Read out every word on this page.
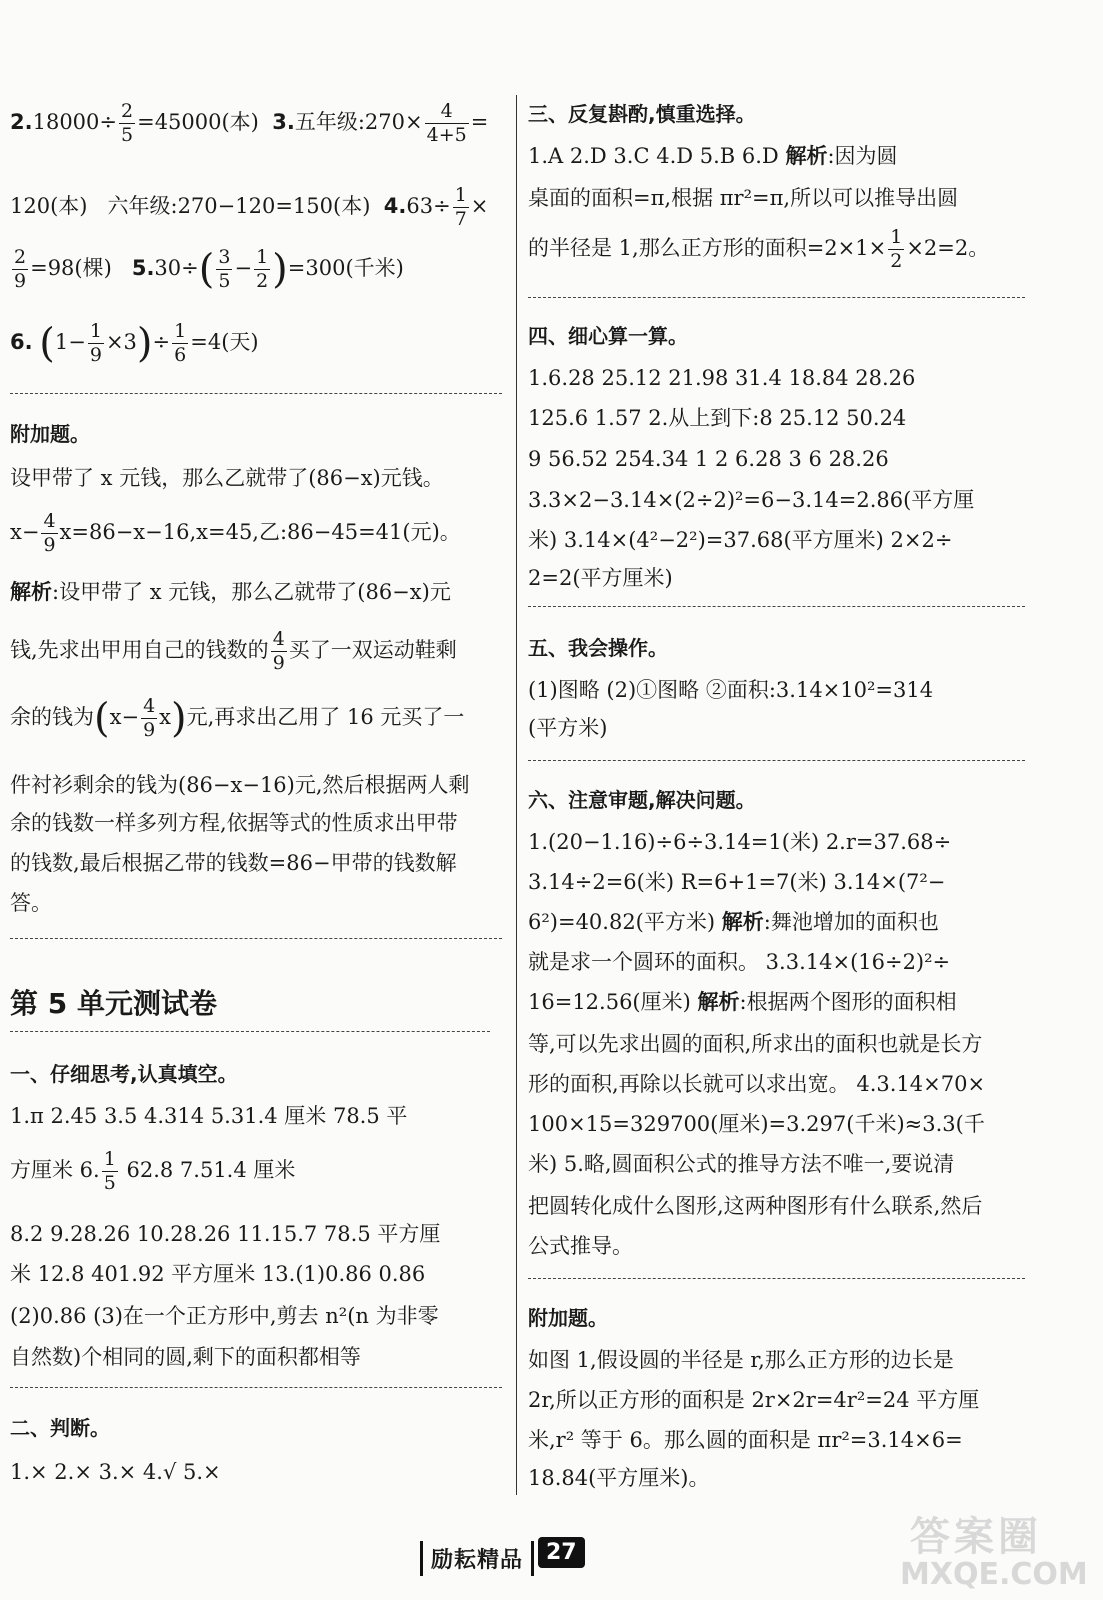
$2.18000\div \frac{2}{5} =45000$(本) 3.五年级:270× $\frac{4}{4+5}$ =
120(本) 六年级:270−120=150(本) $4.63\div \frac{1}{7}$ ×
$\frac{2}{9} =98$(棵) $5.30\div( \frac{3}{5} - \frac{1}{2} )=300$(千米)
6. $(1- \frac{1}{9} \times 3)\div \frac{1}{6} =4$(天)
附加题。
设甲带了 x 元钱，那么乙就带了(86−x)元钱。
$x- \frac{4}{9} x=86-x-16,x=45$,乙:86−45=41(元)。
解析:设甲带了 x 元钱，那么乙就带了(86−x)元
钱,先求出甲用自己的钱数的 $\frac{4}{9}$ 买了一双运动鞋剩
余的钱为$(x- \frac{4}{9} x)$元,再求出乙用了 16 元买了一
件衬衫剩余的钱为(86−x−16)元,然后根据两人剩
余的钱数一样多列方程,依据等式的性质求出甲带
的钱数,最后根据乙带的钱数=86−甲带的钱数解
答。
第 5 单元测试卷
一、仔细思考,认真填空。
1.π 2.45 3.5 4.314 5.31.4 厘米 78.5 平
方厘米 6. $\frac{1}{5} 62.8$ 7.51.4 厘米
8.2 9.28.26 10.28.26 11.15.7 78.5 平方厘
米 12.8 401.92 平方厘米 13.(1)0.86 0.86
(2)0.86 (3)在一个正方形中,剪去 n²(n 为非零
自然数)个相同的圆,剩下的面积都相等
二、判断。
1.× 2.× 3.× 4.√ 5.×
三、反复斟酌,慎重选择。
1.A 2.D 3.C 4.D 5.B 6.D 解析:因为圆
桌面的面积=π,根据 πr²=π,所以可以推导出圆
的半径是 1,那么正方形的面积$=2\times 1\times \frac{1}{2} \times 2=2$。
四、细心算一算。
1.6.28 25.12 21.98 31.4 18.84 28.26
125.6 1.57 2.从上到下:8 25.12 50.24
9 56.52 254.34 1 2 6.28 3 6 28.26
3.3×2−3.14×(2÷2)²=6−3.14=2.86(平方厘
米) 3.14×(4²−2²)=37.68(平方厘米) 2×2÷
2=2(平方厘米)
五、我会操作。
(1)图略 (2)①图略 ②面积:3.14×10²=314
(平方米)
六、注意审题,解决问题。
1.(20−1.16)÷6÷3.14=1(米) 2.r=37.68÷
3.14÷2=6(米) R=6+1=7(米) 3.14×(7²−
6²)=40.82(平方米) 解析:舞池增加的面积也
就是求一个圆环的面积。 3.3.14×(16÷2)²÷
16=12.56(厘米) 解析:根据两个图形的面积相
等,可以先求出圆的面积,所求出的面积也就是长方
形的面积,再除以长就可以求出宽。 4.3.14×70×
100×15=329700(厘米)=3.297(千米)≈3.3(千
米) 5.略,圆面积公式的推导方法不唯一,要说清
把圆转化成什么图形,这两种图形有什么联系,然后
公式推导。
附加题。
如图 1,假设圆的半径是 r,那么正方形的边长是
2r,所以正方形的面积是 2r×2r=4r²=24 平方厘
米,r² 等于 6。那么圆的面积是 πr²=3.14×6=
18.84(平方厘米)。
励耘精品	27	答案圈
MXQE.COM
